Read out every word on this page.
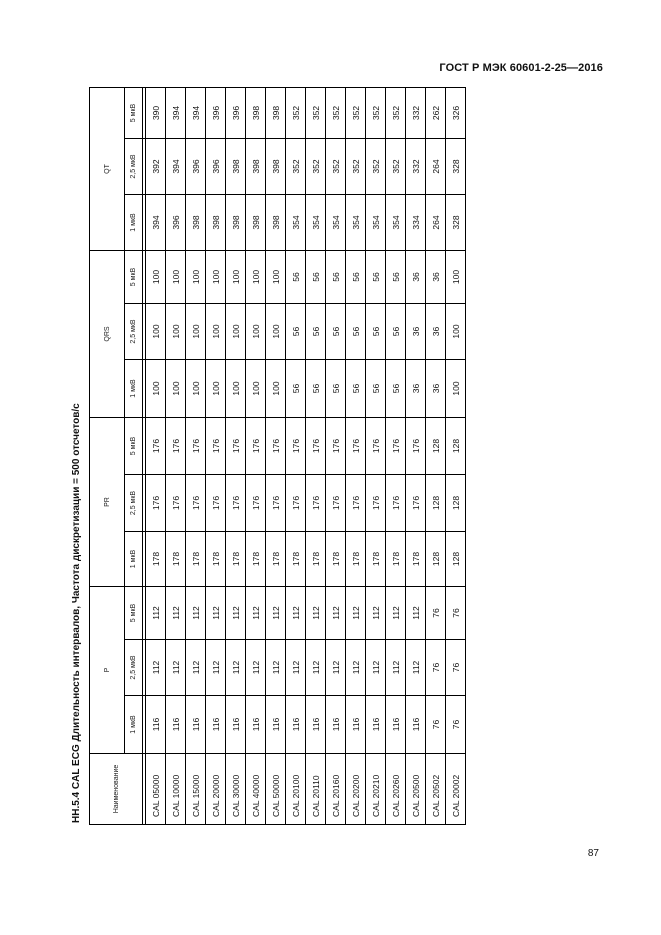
ГОСТ Р МЭК 60601-2-25—2016
НН.5.4 CAL ECG Длительность интервалов, Частота дискретизации = 500 отсчетов/с	Наименование	P			PR			QRS			QT		
	1 мкВ	2,5 мкВ	5 мкВ	1 мкВ	2,5 мкВ	5 мкВ	1 мкВ	2,5 мкВ	5 мкВ	1 мкВ	2,5 мкВ	5 мкВ

CAL 05000	116	112	112	178	176	176	100	100	100	394	392	390
CAL 10000	116	112	112	178	176	176	100	100	100	396	394	394
CAL 15000	116	112	112	178	176	176	100	100	100	398	396	394
CAL 20000	116	112	112	178	176	176	100	100	100	398	396	396
CAL 30000	116	112	112	178	176	176	100	100	100	398	398	396
CAL 40000	116	112	112	178	176	176	100	100	100	398	398	398
CAL 50000	116	112	112	178	176	176	100	100	100	398	398	398
CAL 20100	116	112	112	178	176	176	56	56	56	354	352	352
CAL 20110	116	112	112	178	176	176	56	56	56	354	352	352
CAL 20160	116	112	112	178	176	176	56	56	56	354	352	352
CAL 20200	116	112	112	178	176	176	56	56	56	354	352	352
CAL 20210	116	112	112	178	176	176	56	56	56	354	352	352
CAL 20260	116	112	112	178	176	176	56	56	56	354	352	352
CAL 20500	116	112	112	178	176	176	36	36	36	334	332	332
CAL 20502	76	76	76	128	128	128	36	36	36	264	264	262
CAL 20002	76	76	76	128	128	128	100	100	100	328	328	326
87
